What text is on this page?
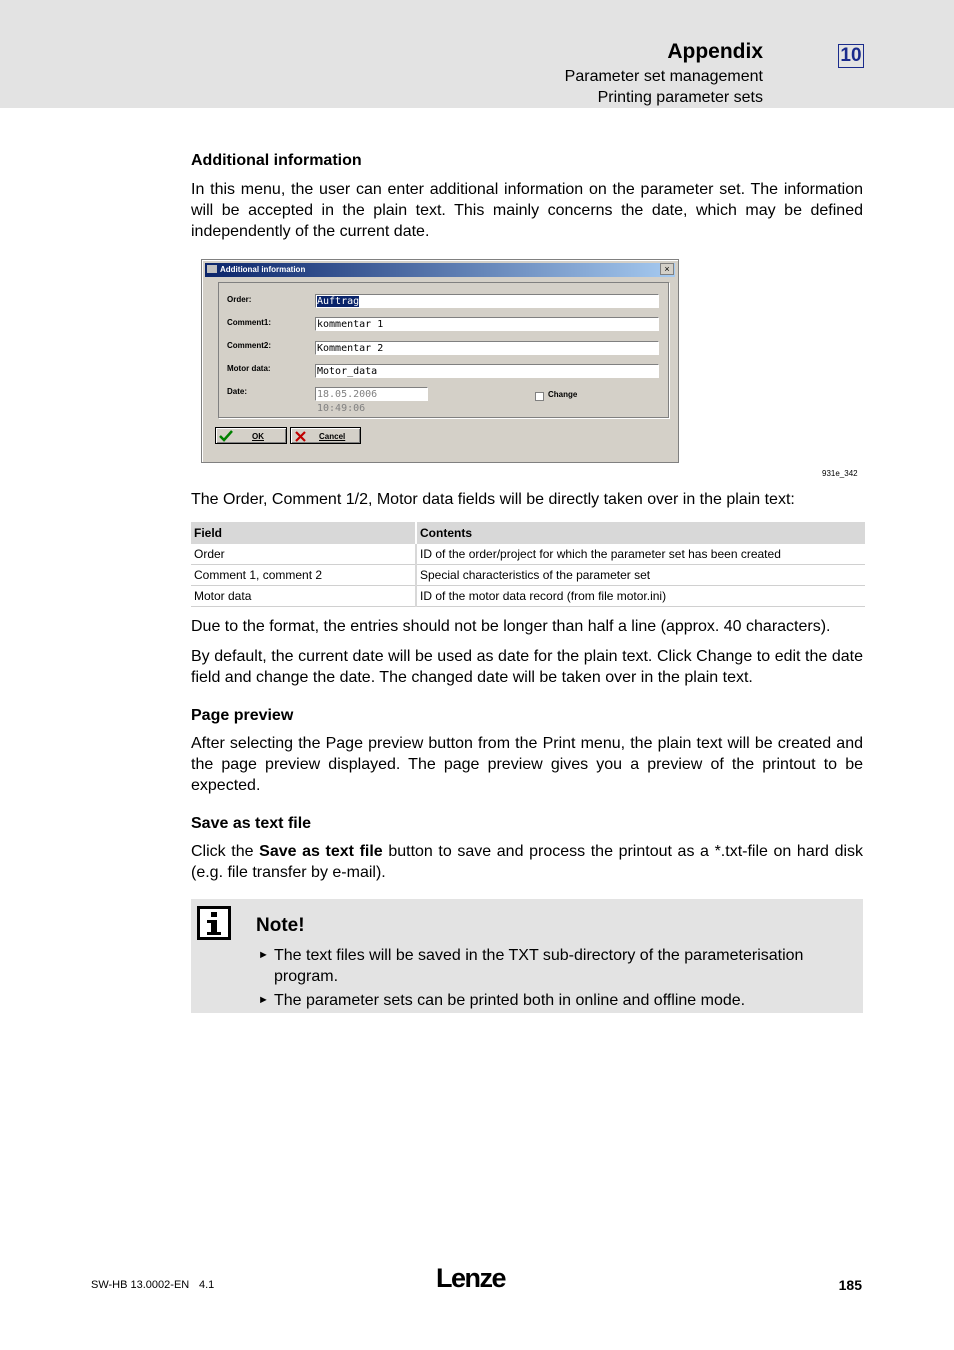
Appendix	10
Parameter set management
Printing parameter sets
Additional information

In this menu, the user can enter additional information on the parameter set. The information will be accepted in the plain text. This mainly concerns the date, which may be defined independently of the current date.

Additional information	×
Order:	Auftrag
Comment1:	kommentar 1
Comment2:	Kommentar 2
Motor data:	Motor_data
Date:	18.05.2006 10:49:06
Change
OK	Cancel
931e_342

The Order, Comment 1/2, Motor data fields will be directly taken over in the plain text:

Field	Contents
Order	ID of the order/project for which the parameter set has been created
Comment 1, comment 2	Special characteristics of the parameter set
Motor data	ID of the motor data record (from file motor.ini)

Due to the format, the entries should not be longer than half a line (approx. 40 characters).

By default, the current date will be used as date for the plain text. Click Change to edit the date field and change the date. The changed date will be taken over in the plain text.

Page preview

After selecting the Page preview button from the Print menu, the plain text will be created and the page preview displayed. The page preview gives you a preview of the printout to be expected.

Save as text file

Click the Save as text file button to save and process the printout as a *.txt-file on hard disk (e.g. file transfer by e-mail).

Note!
► The text files will be saved in the TXT sub-directory of the parameterisation program.
► The parameter sets can be printed both in online and offline mode.
SW-HB 13.0002-EN 4.1	Lenze	185
